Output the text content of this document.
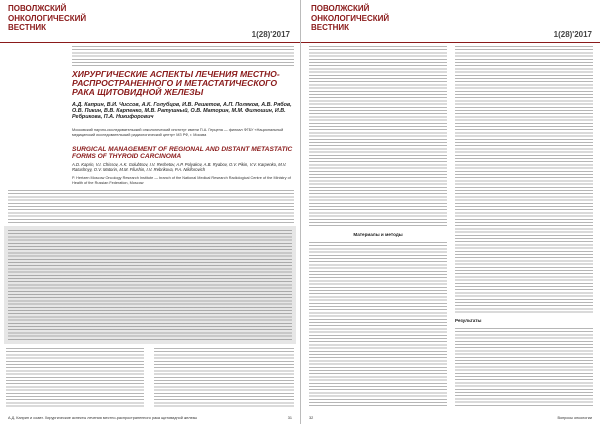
ПОВОЛЖСКИЙ
ОНКОЛОГИЧЕСКИЙ
ВЕСТНИК
1(28)'2017
ХИРУРГИЧЕСКИЕ АСПЕКТЫ ЛЕЧЕНИЯ МЕСТНО-РАСПРОСТРАНЕННОГО И МЕТАСТАТИЧЕСКОГО РАКА ЩИТОВИДНОЙ ЖЕЛЕЗЫ
А.Д. Каприн, В.И. Чиссов, А.К. Голубцов, И.В. Решетов, А.П. Поляков, А.В. Рябов, О.В. Пикин, В.В. Карпенко, М.В. Ратушный, О.В. Маторин, М.М. Филюшин, И.В. Ребрикова, П.А. Никифорович
Московский научно-исследовательский онкологический институт имени П.А. Герцена — филиал ФГБУ «Национальный медицинский исследовательский радиологический центр» МЗ РФ, г. Москва
SURGICAL MANAGEMENT OF REGIONAL AND DISTANT METASTATIC FORMS OF THYROID CARCINOMA
A.D. Kaprin, V.I. Chissov, A.K. Golubtsov, I.V. Reshetov, A.P. Polyakov, A.B. Ryabov, O.V. Pikin, V.V. Karpenko, M.V. Ratushnyy, O.V. Matorin, M.M. Filushin, I.V. Rebrikova, P.A. Nikiforovich
P. Hertzen Moscow Oncology Research Institute — branch of the National Medical Research Radiological Centre of the Ministry of Health of the Russian Federation, Moscow
А.Д. Каприн и соавт. Хирургические аспекты лечения местно-распространенного рака щитовидной железы	31
ПОВОЛЖСКИЙ
ОНКОЛОГИЧЕСКИЙ
ВЕСТНИК
1(28)'2017
Материалы и методы
Результаты
32	Вопросы онкологии
